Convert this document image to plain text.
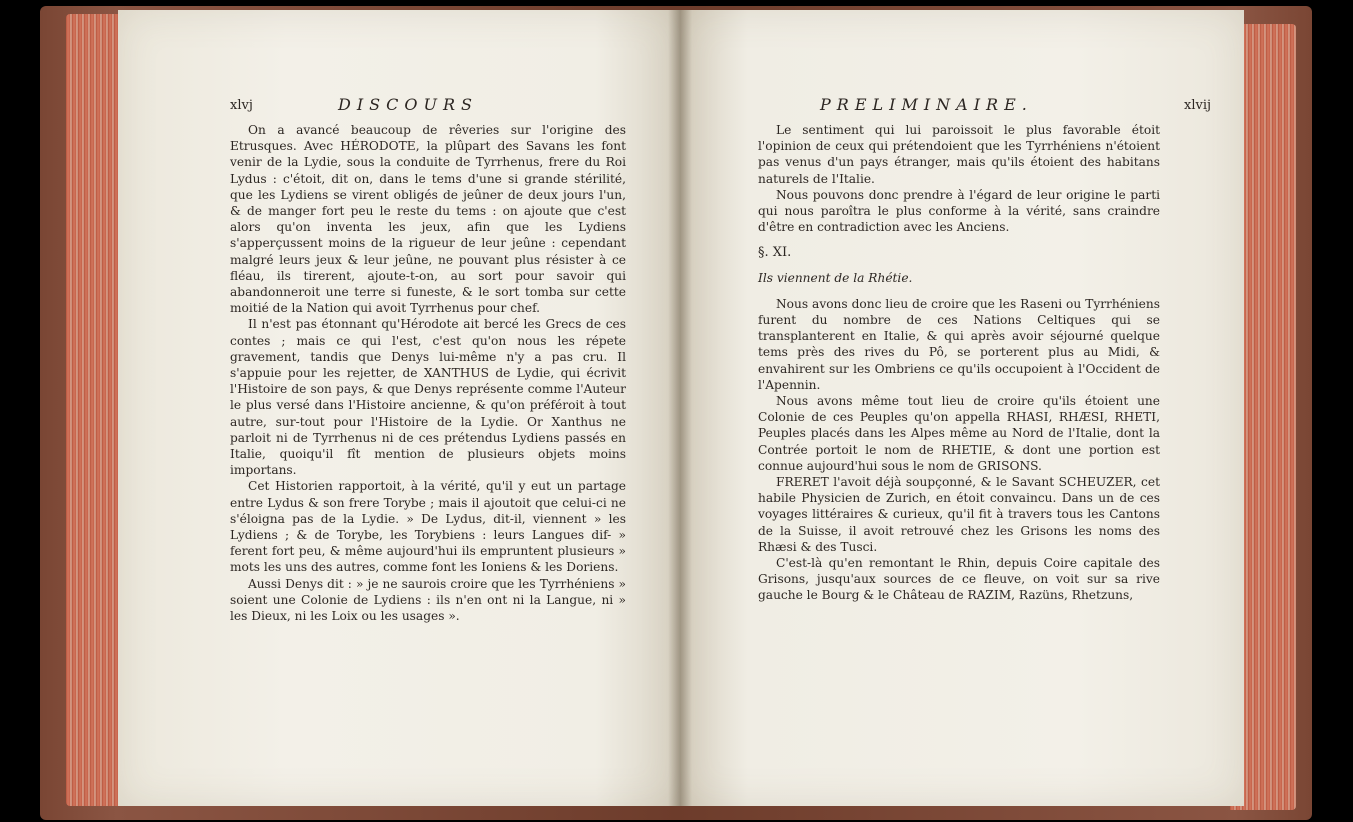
xlvj	DISCOURS

On a avancé beaucoup de rêveries sur l'origine des Etrusques. Avec HÉRODOTE, la plûpart des Savans les font venir de la Lydie, sous la conduite de Tyrrhenus, frere du Roi Lydus : c'étoit, dit on, dans le tems d'une si grande stérilité, que les Lydiens se virent obligés de jeûner de deux jours l'un, & de manger fort peu le reste du tems : on ajoute que c'est alors qu'on inventa les jeux, afin que les Lydiens s'apperçussent moins de la rigueur de leur jeûne : cependant malgré leurs jeux & leur jeûne, ne pouvant plus résister à ce fléau, ils tirerent, ajoute-t-on, au sort pour savoir qui abandonneroit une terre si funeste, & le sort tomba sur cette moitié de la Nation qui avoit Tyrrhenus pour chef.

Il n'est pas étonnant qu'Hérodote ait bercé les Grecs de ces contes ; mais ce qui l'est, c'est qu'on nous les répete gravement, tandis que Denys lui-même n'y a pas cru. Il s'appuie pour les rejetter, de XANTHUS de Lydie, qui écrivit l'Histoire de son pays, & que Denys représente comme l'Auteur le plus versé dans l'Histoire ancienne, & qu'on préféroit à tout autre, sur-tout pour l'Histoire de la Lydie. Or Xanthus ne parloit ni de Tyrrhenus ni de ces prétendus Lydiens passés en Italie, quoiqu'il fît mention de plusieurs objets moins importans.

Cet Historien rapportoit, à la vérité, qu'il y eut un partage entre Lydus & son frere Torybe ; mais il ajoutoit que celui-ci ne s'éloigna pas de la Lydie. » De Lydus, dit-il, viennent » les Lydiens ; & de Torybe, les Torybiens : leurs Langues dif- » ferent fort peu, & même aujourd'hui ils empruntent plusieurs » mots les uns des autres, comme font les Ioniens & les Doriens.

Aussi Denys dit : » je ne saurois croire que les Tyrrhéniens » soient une Colonie de Lydiens : ils n'en ont ni la Langue, ni » les Dieux, ni les Loix ou les usages ».

PRELIMINAIRE.	xlvij

Le sentiment qui lui paroissoit le plus favorable étoit l'opinion de ceux qui prétendoient que les Tyrrhéniens n'étoient pas venus d'un pays étranger, mais qu'ils étoient des habitans naturels de l'Italie.

Nous pouvons donc prendre à l'égard de leur origine le parti qui nous paroîtra le plus conforme à la vérité, sans craindre d'être en contradiction avec les Anciens.

§. XI.

Ils viennent de la Rhétie.

Nous avons donc lieu de croire que les Raseni ou Tyrrhéniens furent du nombre de ces Nations Celtiques qui se transplanterent en Italie, & qui après avoir séjourné quelque tems près des rives du Pô, se porterent plus au Midi, & envahirent sur les Ombriens ce qu'ils occupoient à l'Occident de l'Apennin.

Nous avons même tout lieu de croire qu'ils étoient une Colonie de ces Peuples qu'on appella RHASI, RHÆSI, RHETI, Peuples placés dans les Alpes même au Nord de l'Italie, dont la Contrée portoit le nom de RHETIE, & dont une portion est connue aujourd'hui sous le nom de GRISONS.

FRERET l'avoit déjà soupçonné, & le Savant SCHEUZER, cet habile Physicien de Zurich, en étoit convaincu. Dans un de ces voyages littéraires & curieux, qu'il fit à travers tous les Cantons de la Suisse, il avoit retrouvé chez les Grisons les noms des Rhæsi & des Tusci.

C'est-là qu'en remontant le Rhin, depuis Coire capitale des Grisons, jusqu'aux sources de ce fleuve, on voit sur sa rive gauche le Bourg & le Château de RAZIM, Razüns, Rhetzuns,
